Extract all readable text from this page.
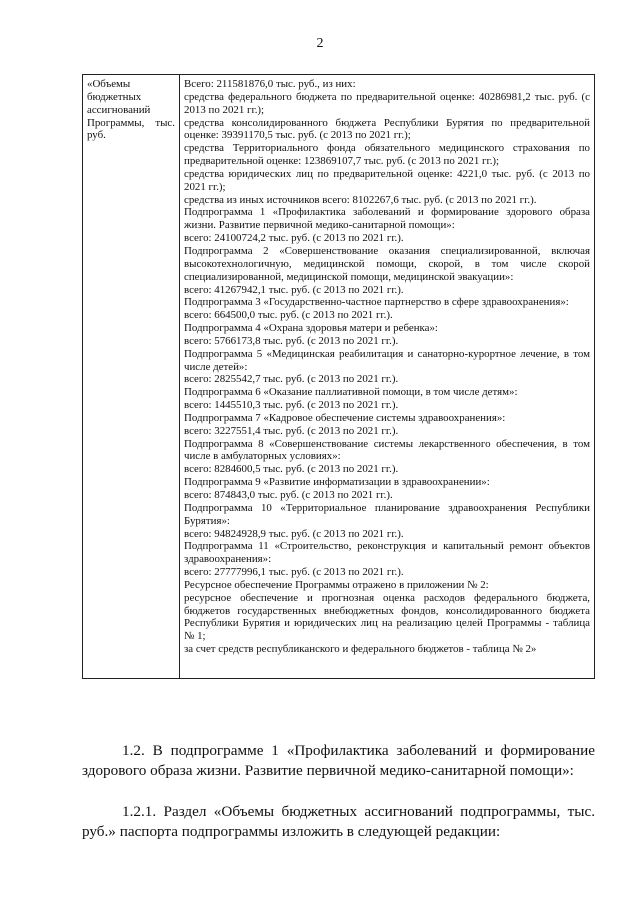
2
«Объемы бюджетных ассигнований Программы, тыс. руб.	
Всего: 211581876,0 тыс. руб., из них:
средства федерального бюджета по предварительной оценке: 40286981,2 тыс. руб. (с 2013 по 2021 гг.);
средства консолидированного бюджета Республики Бурятия по предварительной оценке: 39391170,5 тыс. руб. (с 2013 по 2021 гг.);
средства Территориального фонда обязательного медицинского страхования по предварительной оценке: 123869107,7 тыс. руб. (с 2013 по 2021 гг.);
средства юридических лиц по предварительной оценке: 4221,0 тыс. руб. (с 2013 по 2021 гг.);
средства из иных источников всего: 8102267,6 тыс. руб. (с 2013 по 2021 гг.).
Подпрограмма 1 «Профилактика заболеваний и формирование здорового образа жизни. Развитие первичной медико-санитарной помощи»:
всего: 24100724,2 тыс. руб. (с 2013 по 2021 гг.).
Подпрограмма 2 «Совершенствование оказания специализированной, включая высокотехнологичную, медицинской помощи, скорой, в том числе скорой специализированной, медицинской помощи, медицинской эвакуации»:
всего: 41267942,1 тыс. руб. (с 2013 по 2021 гг.).
Подпрограмма 3 «Государственно-частное партнерство в сфере здравоохранения»:
всего: 664500,0 тыс. руб. (с 2013 по 2021 гг.).
Подпрограмма 4 «Охрана здоровья матери и ребенка»:
всего: 5766173,8 тыс. руб. (с 2013 по 2021 гг.).
Подпрограмма 5 «Медицинская реабилитация и санаторно-курортное лечение, в том числе детей»:
всего: 2825542,7 тыс. руб. (с 2013 по 2021 гг.).
Подпрограмма 6 «Оказание паллиативной помощи, в том числе детям»:
всего: 1445510,3 тыс. руб. (с 2013 по 2021 гг.).
Подпрограмма 7 «Кадровое обеспечение системы здравоохранения»:
всего: 3227551,4 тыс. руб. (с 2013 по 2021 гг.).
Подпрограмма 8 «Совершенствование системы лекарственного обеспечения, в том числе в амбулаторных условиях»:
всего: 8284600,5 тыс. руб. (с 2013 по 2021 гг.).
Подпрограмма 9 «Развитие информатизации в здравоохранении»:
всего: 874843,0 тыс. руб. (с 2013 по 2021 гг.).
Подпрограмма 10 «Территориальное планирование здравоохранения Республики Бурятия»:
всего: 94824928,9 тыс. руб. (с 2013 по 2021 гг.).
Подпрограмма 11 «Строительство, реконструкция и капитальный ремонт объектов здравоохранения»:
всего: 27777996,1 тыс. руб. (с 2013 по 2021 гг.).
Ресурсное обеспечение Программы отражено в приложении № 2:
ресурсное обеспечение и прогнозная оценка расходов федерального бюджета, бюджетов государственных внебюджетных фондов, консолидированного бюджета Республики Бурятия и юридических лиц на реализацию целей Программы - таблица № 1;
за счет средств республиканского и федерального бюджетов - таблица № 2»
1.2. В подпрограмме 1 «Профилактика заболеваний и формирование здорового образа жизни. Развитие первичной медико-санитарной помощи»:
1.2.1. Раздел «Объемы бюджетных ассигнований подпрограммы, тыс. руб.» паспорта подпрограммы изложить в следующей редакции:
